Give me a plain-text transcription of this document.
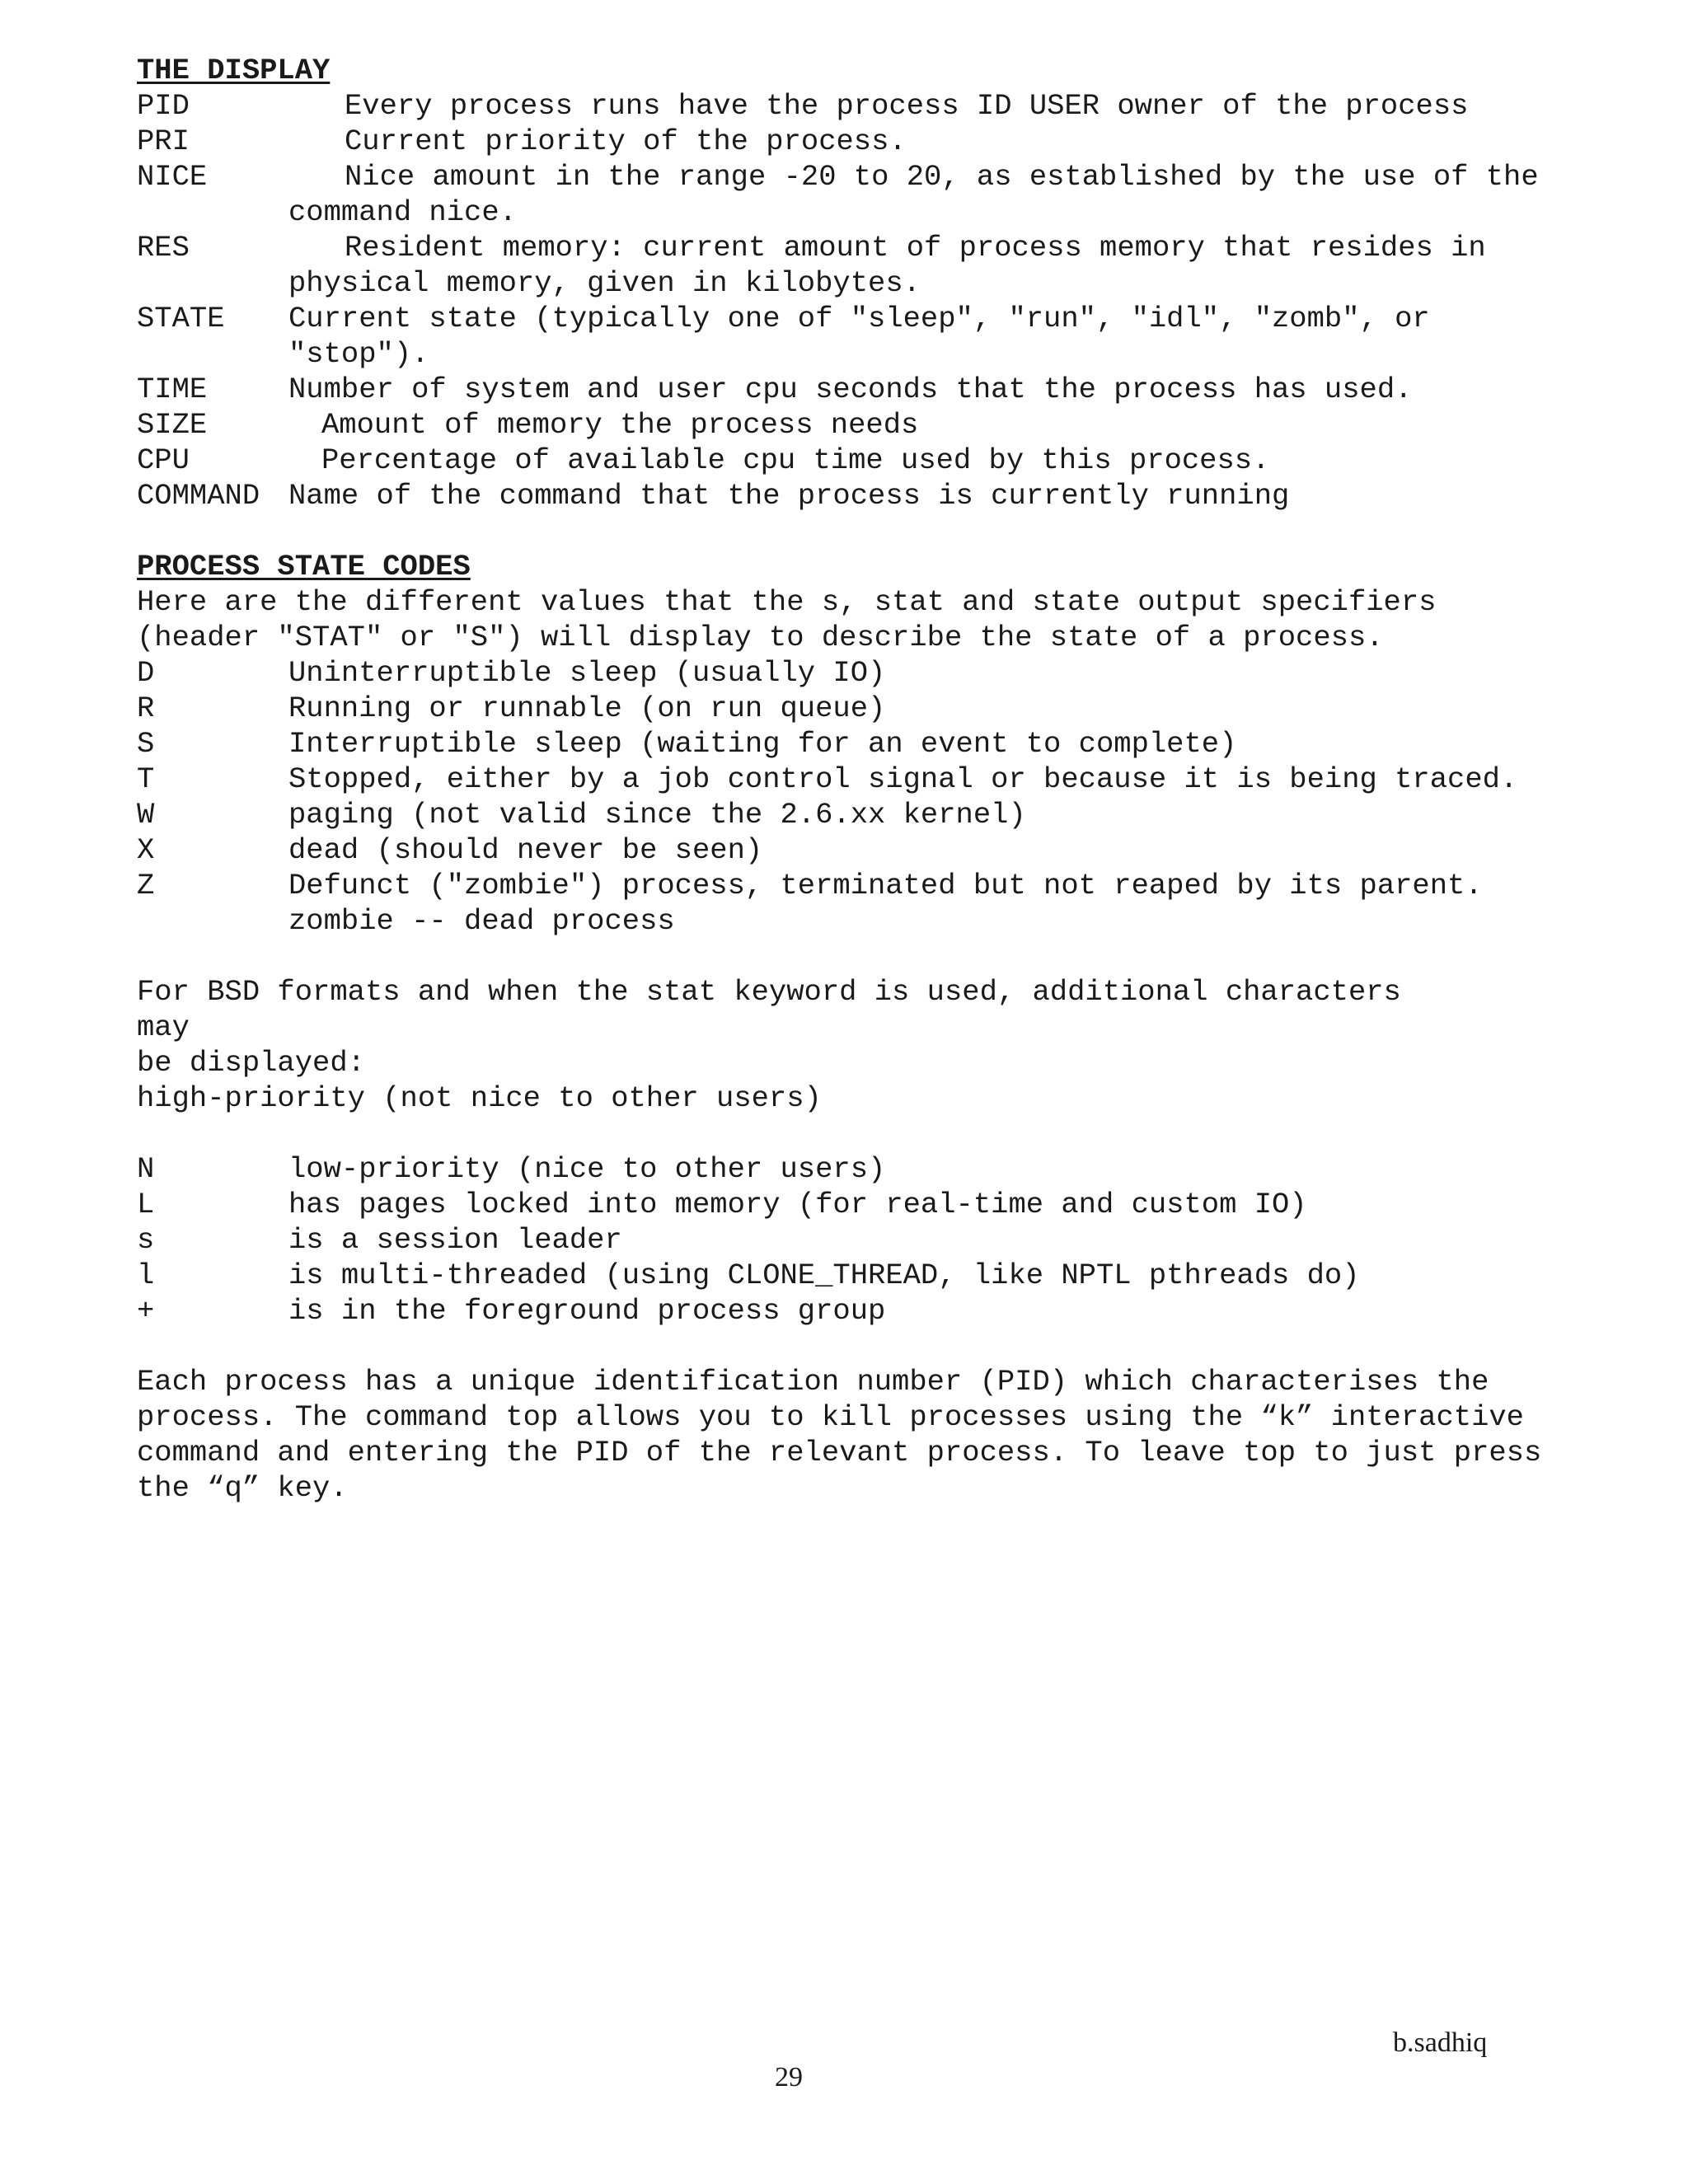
THE DISPLAY
PID	Every process runs have the process ID USER owner of the process
PRI	Current priority of the process.
NICE	Nice amount in the range -20 to 20, as established by the use of the command nice.
RES	Resident memory: current amount of process memory that resides in physical memory, given in kilobytes.
STATE	Current state (typically one of "sleep", "run", "idl", "zomb", or "stop").
TIME	Number of system and user cpu seconds that the process has used.
SIZE	Amount of memory the process needs
CPU	Percentage of available cpu time used by this process.
COMMAND Name of the command that the process is currently running
PROCESS STATE CODES
Here are the different values that the s, stat and state output specifiers (header "STAT" or "S") will display to describe the state of a process.
D	Uninterruptible sleep (usually IO)
R	Running or runnable (on run queue)
S	Interruptible sleep (waiting for an event to complete)
T	Stopped, either by a job control signal or because it is being traced.
W	paging (not valid since the 2.6.xx kernel)
X	dead (should never be seen)
Z	Defunct ("zombie") process, terminated but not reaped by its parent. zombie -- dead process
For BSD formats and when the stat keyword is used, additional characters
may
be displayed:
high-priority (not nice to other users)
N	low-priority (nice to other users)
L	has pages locked into memory (for real-time and custom IO)
s	is a session leader
l	is multi-threaded (using CLONE_THREAD, like NPTL pthreads do)
+	is in the foreground process group
Each process has a unique identification number (PID) which characterises the process. The command top allows you to kill processes using the “k” interactive command and entering the PID of the relevant process. To leave top to just press the “q” key.
b.sadhiq
29
